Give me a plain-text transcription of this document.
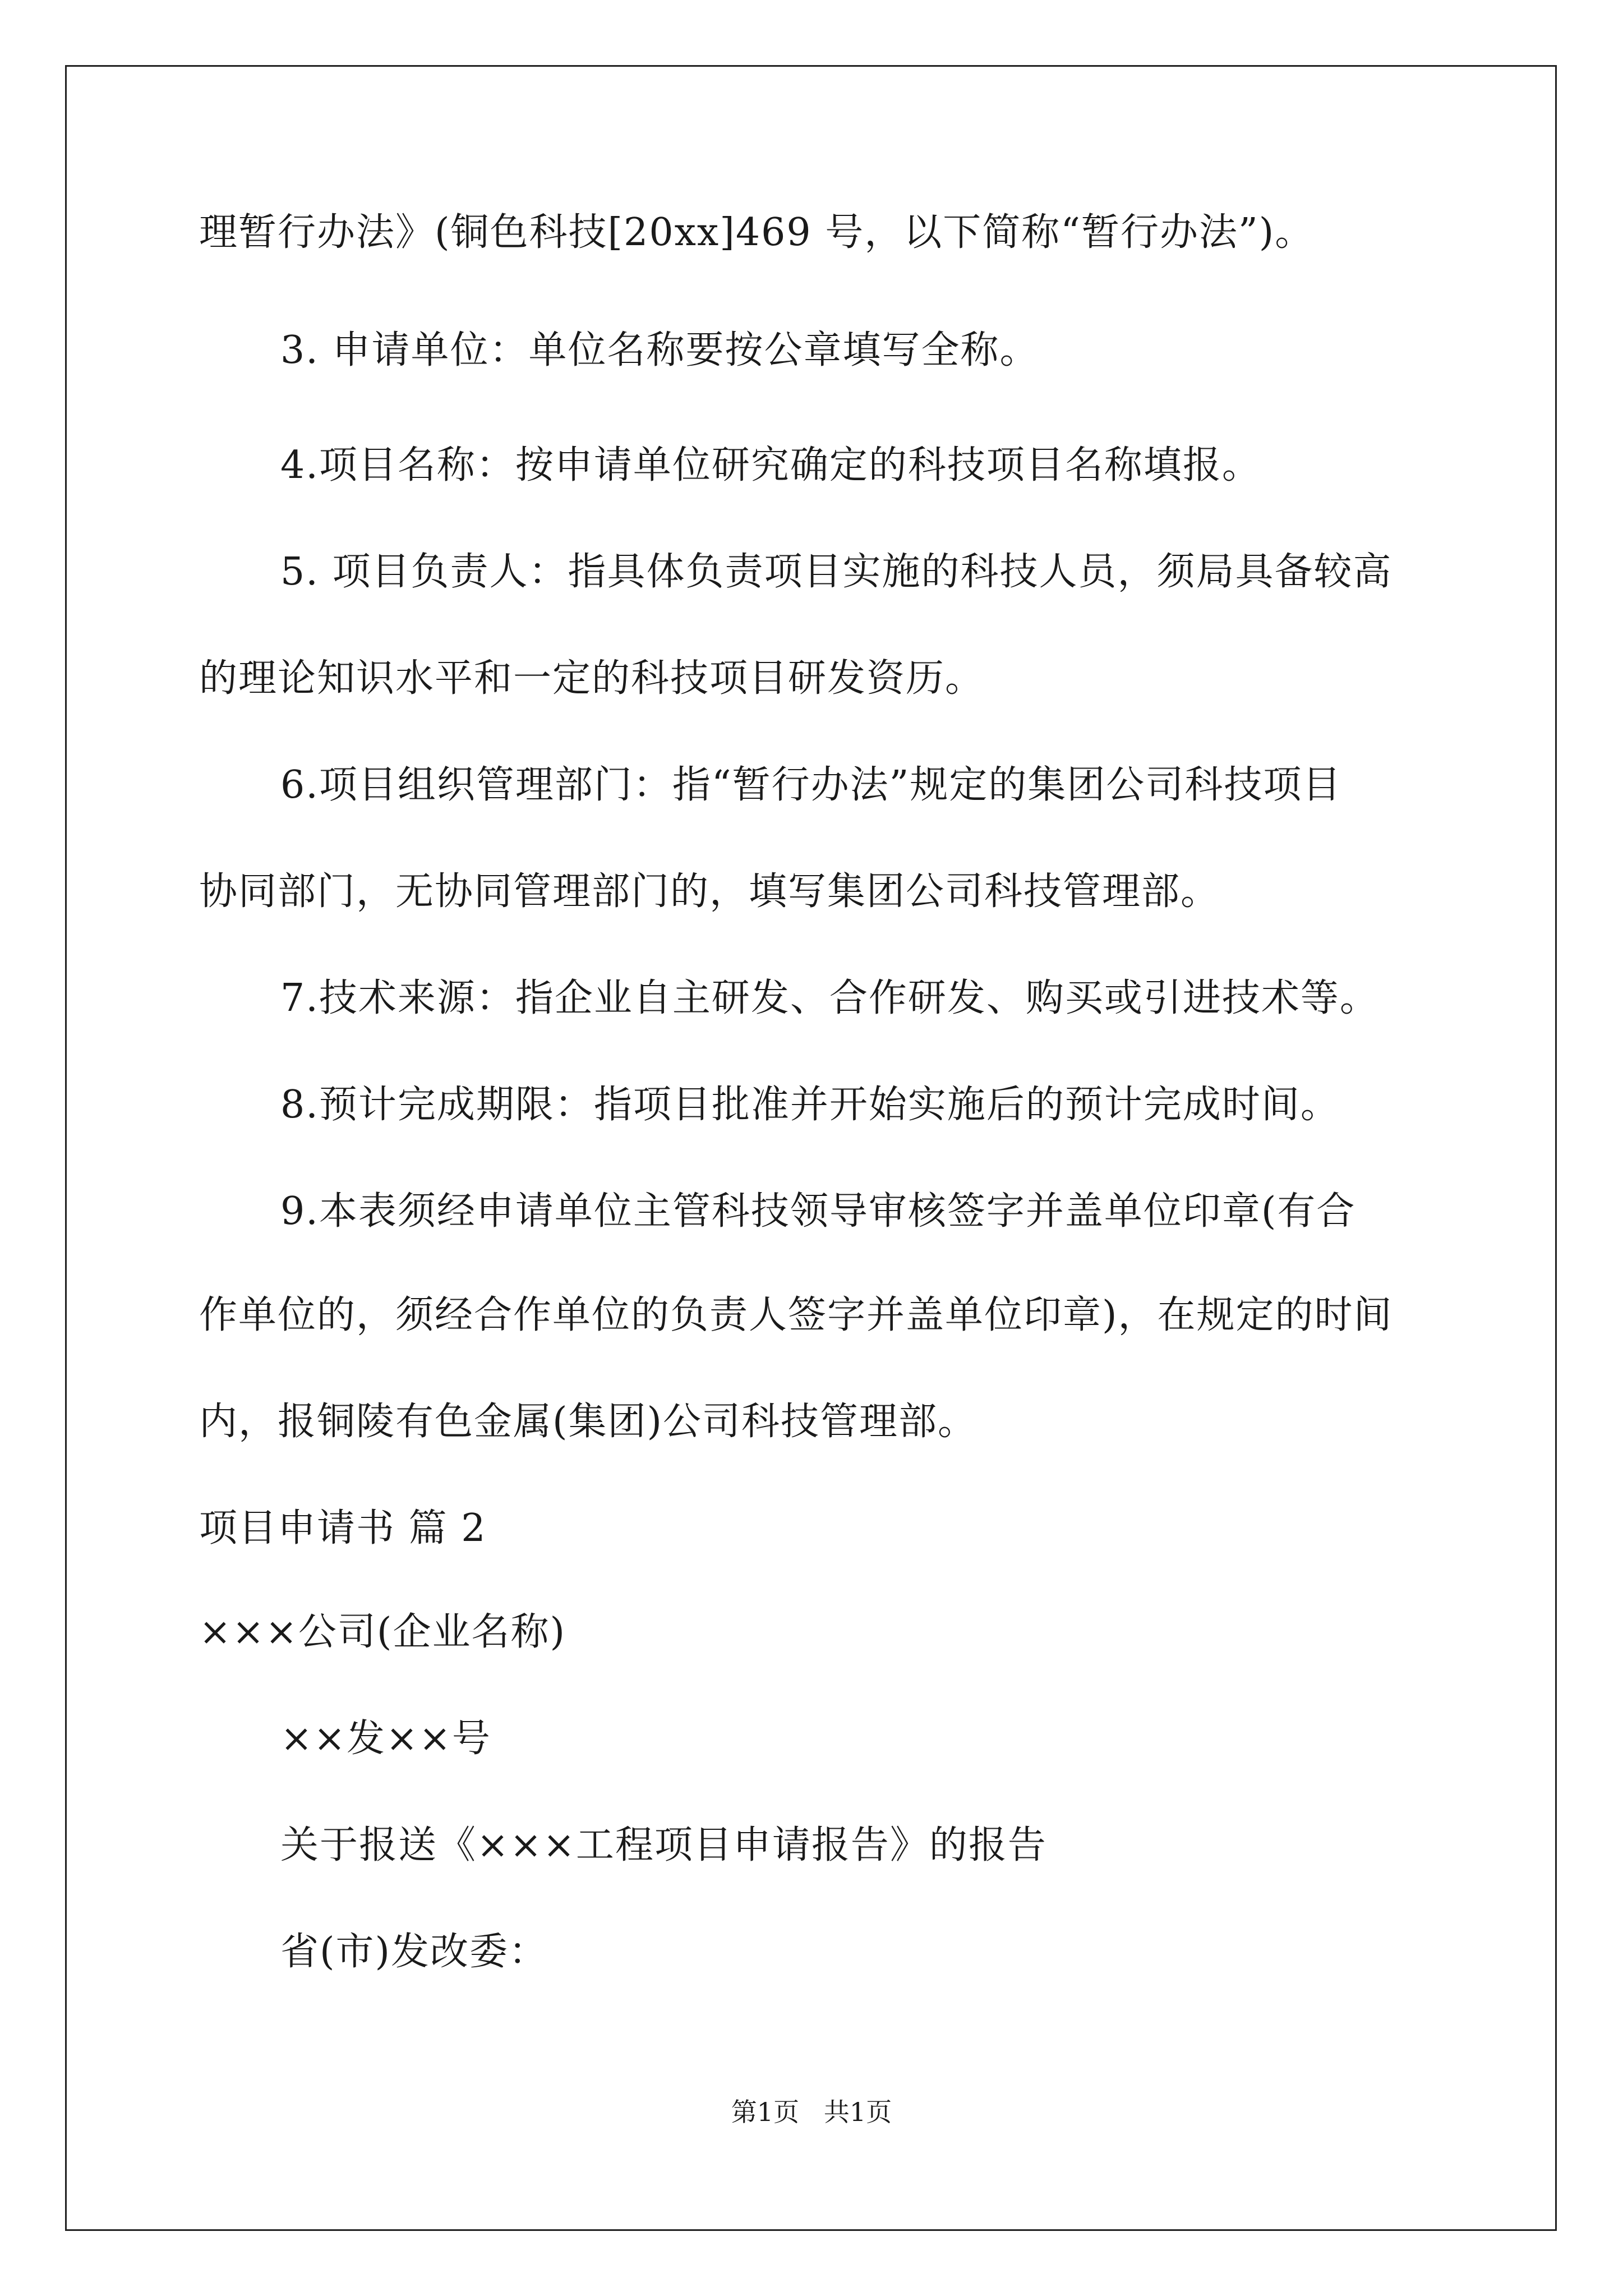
理暂行办法》(铜色科技[20xx]469 号，以下简称“暂行办法”)。
3. 申请单位：单位名称要按公章填写全称。
4.项目名称：按申请单位研究确定的科技项目名称填报。
5. 项目负责人：指具体负责项目实施的科技人员，须局具备较高
的理论知识水平和一定的科技项目研发资历。
6.项目组织管理部门：指“暂行办法”规定的集团公司科技项目
协同部门，无协同管理部门的，填写集团公司科技管理部。
7.技术来源：指企业自主研发、合作研发、购买或引进技术等。
8.预计完成期限：指项目批准并开始实施后的预计完成时间。
9.本表须经申请单位主管科技领导审核签字并盖单位印章(有合
作单位的，须经合作单位的负责人签字并盖单位印章)，在规定的时间
内，报铜陵有色金属(集团)公司科技管理部。
项目申请书 篇 2
×××公司(企业名称)
××发××号
关于报送《×××工程项目申请报告》的报告
省(市)发改委：
第1页   共1页
